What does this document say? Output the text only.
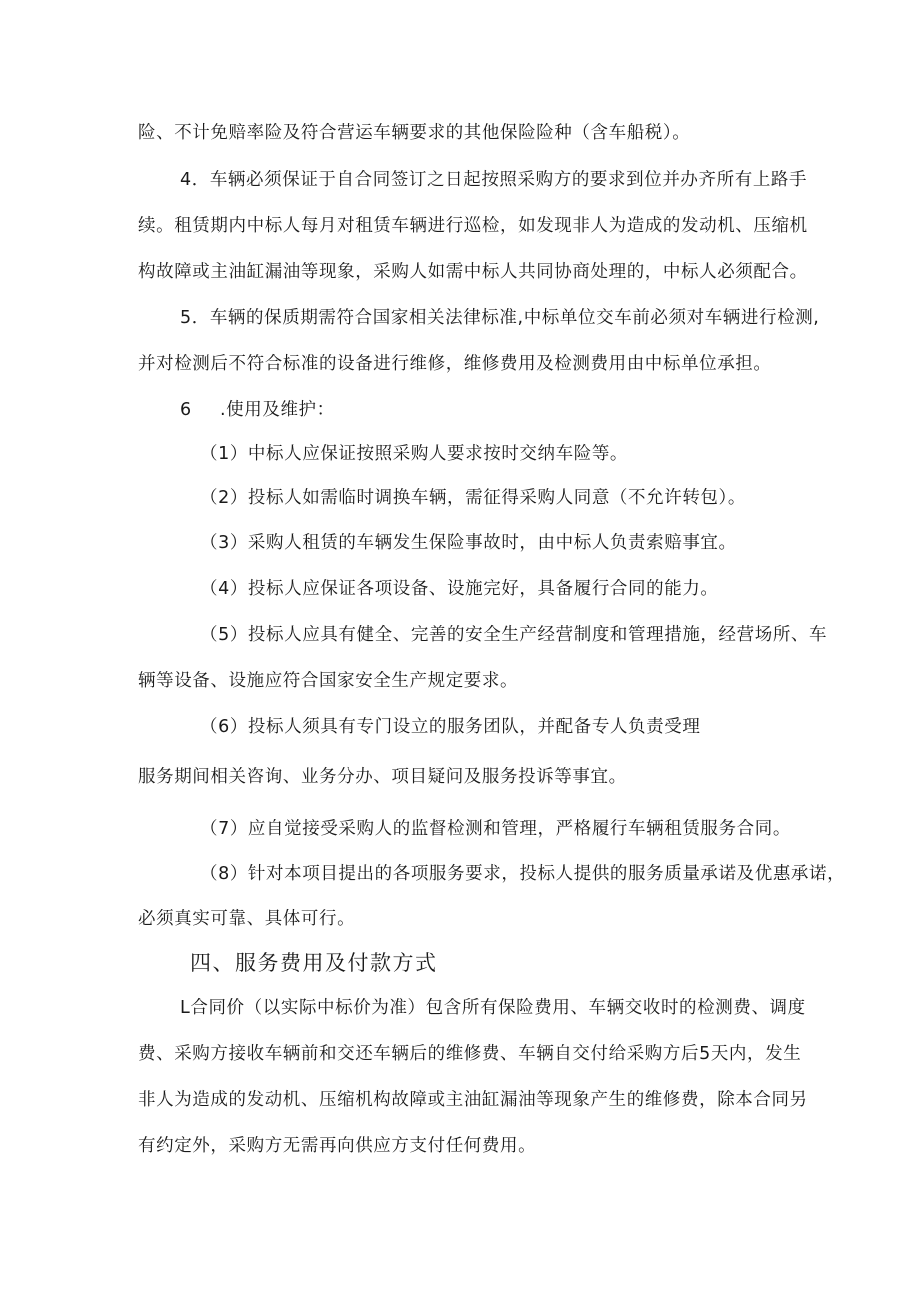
险、不计免赔率险及符合营运车辆要求的其他保险险种（含车船税）。
4．车辆必须保证于自合同签订之日起按照采购方的要求到位并办齐所有上路手
续。租赁期内中标人每月对租赁车辆进行巡检，如发现非人为造成的发动机、压缩机
构故障或主油缸漏油等现象，采购人如需中标人共同协商处理的，中标人必须配合。
5．车辆的保质期需符合国家相关法律标准,中标单位交车前必须对车辆进行检测,
并对检测后不符合标准的设备进行维修，维修费用及检测费用由中标单位承担。
6 .使用及维护：
（1）中标人应保证按照采购人要求按时交纳车险等。
（2）投标人如需临时调换车辆，需征得采购人同意（不允许转包）。
（3）采购人租赁的车辆发生保险事故时，由中标人负责索赔事宜。
（4）投标人应保证各项设备、设施完好，具备履行合同的能力。
（5）投标人应具有健全、完善的安全生产经营制度和管理措施，经营场所、车
辆等设备、设施应符合国家安全生产规定要求。
（6）投标人须具有专门设立的服务团队，并配备专人负责受理
服务期间相关咨询、业务分办、项目疑问及服务投诉等事宜。
（7）应自觉接受采购人的监督检测和管理，严格履行车辆租赁服务合同。
（8）针对本项目提出的各项服务要求，投标人提供的服务质量承诺及优惠承诺，
必须真实可靠、具体可行。
四、服务费用及付款方式
L合同价（以实际中标价为准）包含所有保险费用、车辆交收时的检测费、调度
费、采购方接收车辆前和交还车辆后的维修费、车辆自交付给采购方后5天内，发生
非人为造成的发动机、压缩机构故障或主油缸漏油等现象产生的维修费，除本合同另
有约定外，采购方无需再向供应方支付任何费用。
